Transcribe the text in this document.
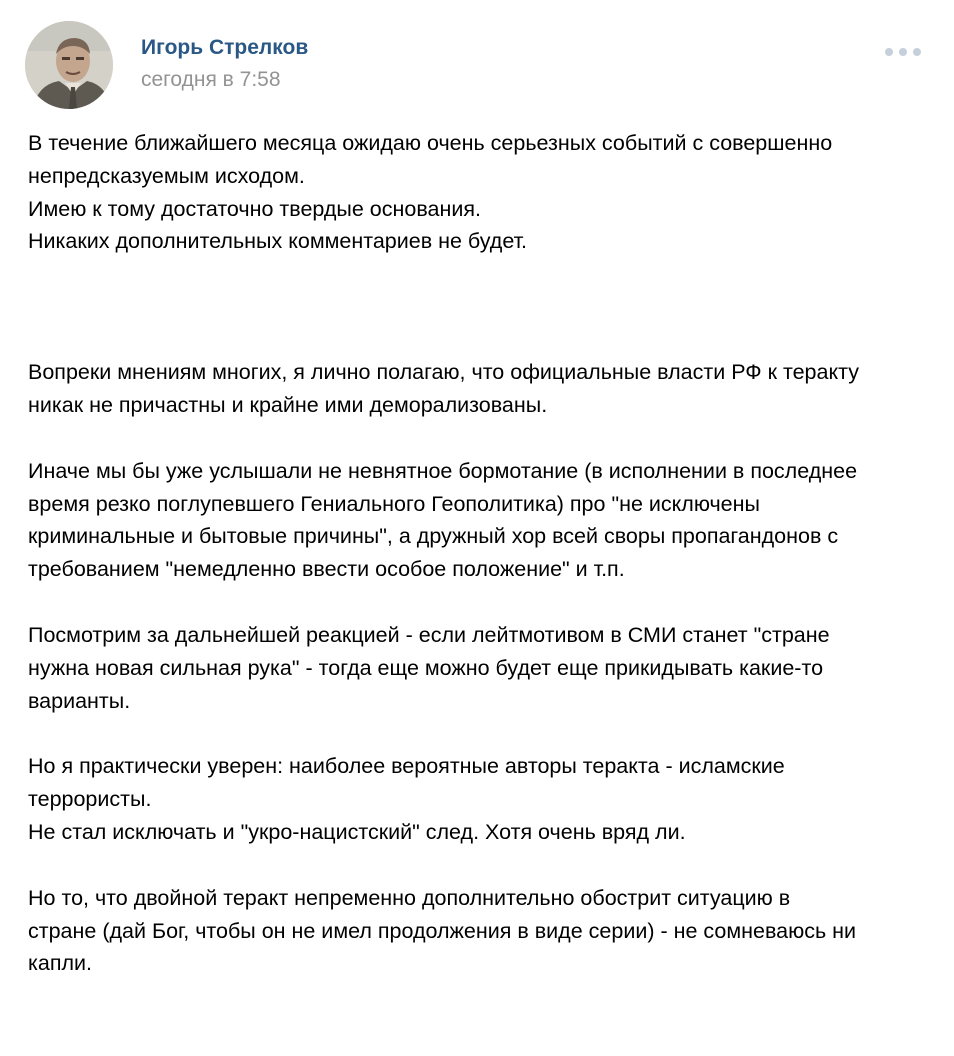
Игорь Стрелков
сегодня в 7:58

В течение ближайшего месяца ожидаю очень серьезных событий с совершенно

непредсказуемым исходом.

Имею к тому достаточно твердые основания.

Никаких дополнительных комментариев не будет.

Вопреки мнениям многих, я лично полагаю, что официальные власти РФ к теракту

никак не причастны и крайне ими деморализованы.

Иначе мы бы уже услышали не невнятное бормотание (в исполнении в последнее

время резко поглупевшего Гениального Геополитика) про "не исключены

криминальные и бытовые причины", а дружный хор всей своры пропагандонов с

требованием "немедленно ввести особое положение" и т.п.

Посмотрим за дальнейшей реакцией - если лейтмотивом в СМИ станет "стране

нужна новая сильная рука" - тогда еще можно будет еще прикидывать какие-то

варианты.

Но я практически уверен: наиболее вероятные авторы теракта - исламские

террористы.

Не стал исключать и "укро-нацистский" след. Хотя очень вряд ли.

Но то, что двойной теракт непременно дополнительно обострит ситуацию в

стране (дай Бог, чтобы он не имел продолжения в виде серии) - не сомневаюсь ни

капли.
